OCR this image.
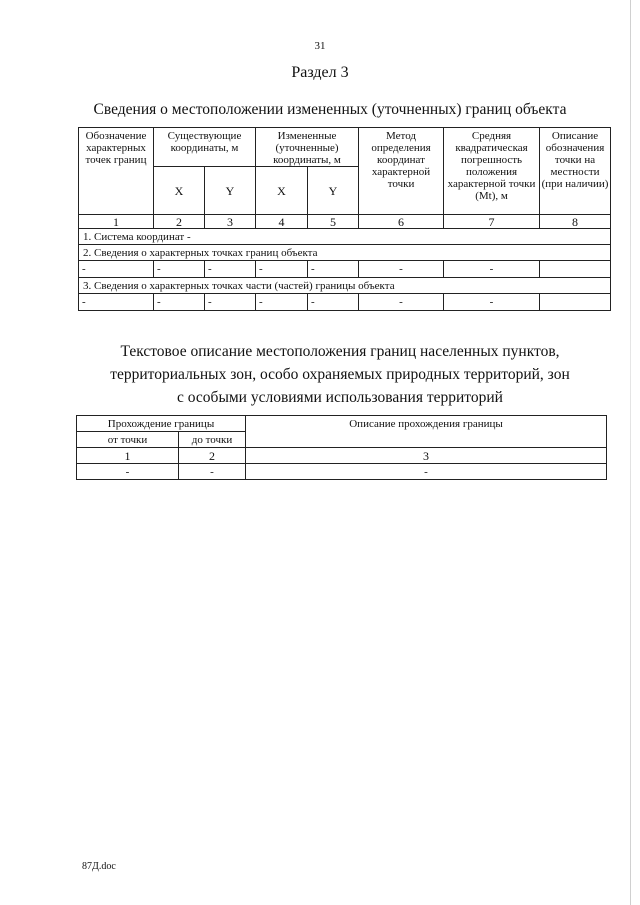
31
Раздел 3
Сведения о местоположении измененных (уточненных) границ объекта
Обозначение характерных точек границ	Существующие координаты, м		Измененные (уточненные) координаты, м		Метод определения координат характерной точки	Средняя квадратическая погрешность положения характерной точки (Mt), м	Описание обозначения точки на местности (при наличии)
	X	Y	X	Y			
1	2	3	4	5	6	7	8
1. Система координат -							
2. Сведения о характерных точках границ объекта							
-	-	-	-	-	-	-	
3. Сведения о характерных точках части (частей) границы объекта							
-	-	-	-	-	-	-	
Текстовое описание местоположения границ населенных пунктов,
территориальных зон, особо охраняемых природных территорий, зон
с особыми условиями использования территорий
Прохождение границы		Описание прохождения границы
от точки	до точки	
1	2	3
-	-	-
87Д.doc
